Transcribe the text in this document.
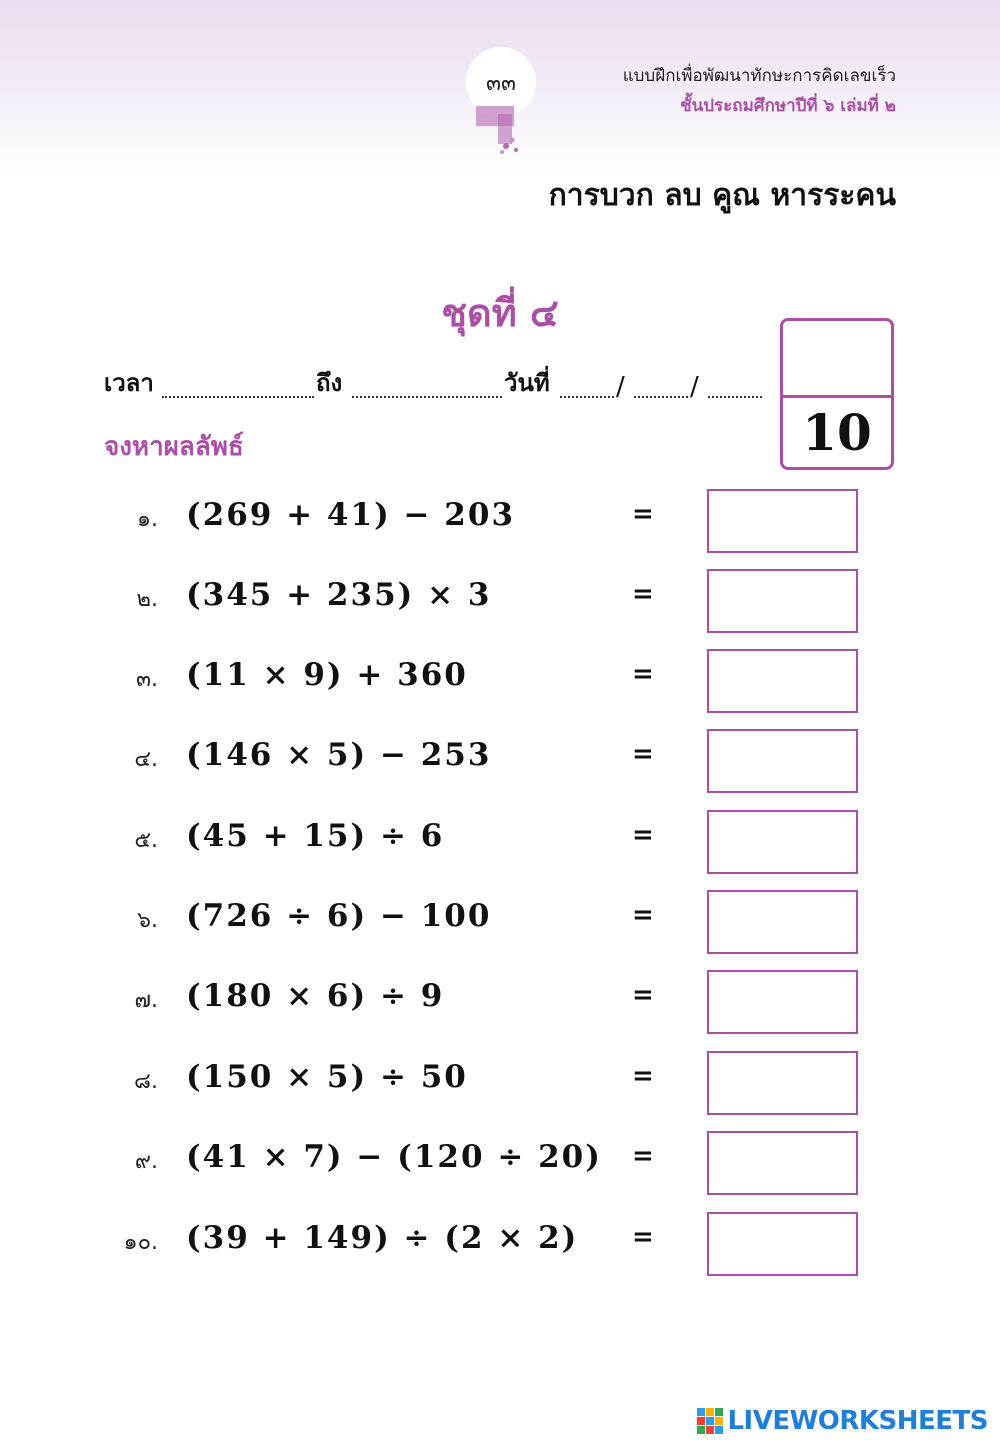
๓๓	แบบฝึกเพื่อพัฒนาทักษะการคิดเลขเร็ว
ชั้นประถมศึกษาปีที่ ๖ เล่มที่ ๒
การบวก ลบ คูณ หารระคน
ชุดที่ ๔
เวลา	ถึง	วันที่	/	/
จงหาผลลัพธ์	10
๑. (269 + 41) − 203	=
๒. (345 + 235) × 3	=
๓. (11 × 9) + 360	=
๔. (146 × 5) − 253	=
๕. (45 + 15) ÷ 6	=
๖. (726 ÷ 6) − 100	=
๗. (180 × 6) ÷ 9	=
๘. (150 × 5) ÷ 50	=
๙. (41 × 7) − (120 ÷ 20) =
๑๐. (39 + 149) ÷ (2 × 2) =
LIVEWORKSHEETS
